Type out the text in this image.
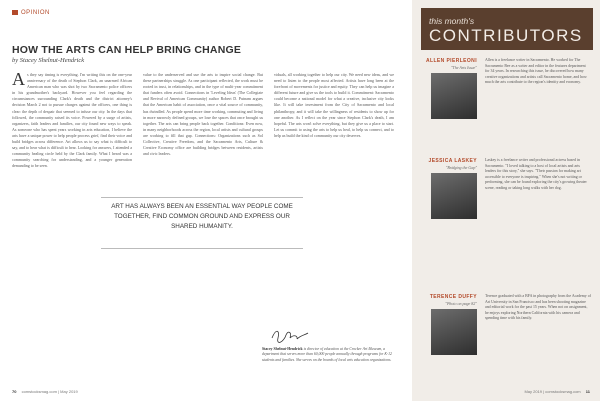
OPINION
HOW THE ARTS CAN HELP BRING CHANGE
by Stacey Shelnut-Hendrick

As they say timing is everything. I'm writing this on the one-year anniversary of the death of Stephon Clark, an unarmed African American man who was shot by two Sacramento police officers in his grandmother's backyard. However you feel regarding the circumstances surrounding Clark's death and the district attorney's decision March 2 not to pursue charges against the officers, one thing is clear: the depth of despair that seemed to infuse our city. In the days that followed, the community raised its voice. Powered by a surge of artists, organizers, faith leaders and families, our city found new ways to speak. As someone who has spent years working in arts education, I believe the arts have a unique power to help people process grief, find their voice and build bridges across difference. Art allows us to say what is difficult to say, and to hear what is difficult to hear. Looking for answers, I attended a community healing circle held by the Clark family. What I heard was a community searching for understanding, and a younger generation demanding to be seen.

value to the underserved and use the arts to inspire social change. But these partnerships struggle. As one participant reflected, the work must be rooted in trust, in relationships, and in the type of multi-year commitment that funders often avoid. Connections in 'Leveling Ideas' (The Collegiate and Revival of American Community) author Robert D. Putnam argues that the American habit of association, once a vital source of community, has dwindled. As people spend more time working, commuting and living in more narrowly defined groups, we lose the spaces that once brought us together. The arts can bring people back together. Conditions: Even now, in many neighborhoods across the region, local artists and cultural groups are working to fill that gap. Connections: Organizations such as Sol Collective, Creative Freedom, and the Sacramento Arts, Culture & Creative Economy office are building bridges between residents, artists and civic leaders.

viduals, all working together to help our city. We need new ideas, and we need to listen to the people most affected. Artists have long been at the forefront of movements for justice and equity. They can help us imagine a different future and give us the tools to build it. Commitment: Sacramento could become a national model for what a creative, inclusive city looks like. It will take investment from the City of Sacramento and local philanthropy, and it will take the willingness of residents to show up for one another. As I reflect on the year since Stephon Clark's death, I am hopeful. The arts won't solve everything, but they give us a place to start. Let us commit to using the arts to help us heal, to help us connect, and to help us build the kind of community our city deserves.

ART HAS ALWAYS BEEN AN ESSENTIAL WAY PEOPLE COME TOGETHER, FIND COMMON GROUND AND EXPRESS OUR SHARED HUMANITY.
Stacey Shelnut-Hendrick is director of education at the Crocker Art Museum, a department that serves more than 60,000 people annually through programs for K-12 students and families. She serves on the boards of local arts education organizations.
70 comstocksmag.com | May 2019
this month's
CONTRIBUTORS
ALLEN PIERLEONI
"The Arts Issue"
Allen is a freelance writer in Sacramento. He worked for The Sacramento Bee as a writer and editor in the features department for 34 years. In researching this issue, he discovered how many creative organizations and artists call Sacramento home, and how much the arts contribute to the region's identity and economy.
JESSICA LASKEY
"Bridging the Gap"
Laskey is a freelance writer and professional actress based in Sacramento. "I loved talking to a host of local artists and arts leaders for this story," she says. "Their passion for making art accessible to everyone is inspiring." When she's not writing or performing, she can be found exploring the city's growing theater scene, reading or taking long walks with her dog.
TERENCE DUFFY
"Photo on page 82"
Terence graduated with a BFA in photography from the Academy of Art University in San Francisco and has been shooting magazine and editorial work for the past 15 years. When not on assignment, he enjoys exploring Northern California with his camera and spending time with his family.
May 2019 | comstocksmag.com 11
